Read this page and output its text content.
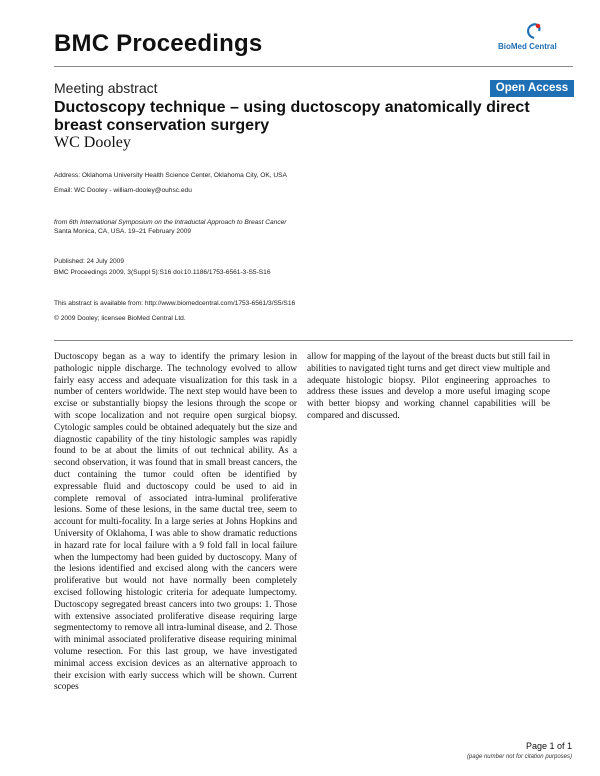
BMC Proceedings	BioMed Central
Meeting abstract	Open Access
Ductoscopy technique – using ductoscopy anatomically direct breast conservation surgery
WC Dooley
Address: Oklahoma University Health Science Center, Oklahoma City, OK, USA
Email: WC Dooley - william-dooley@ouhsc.edu
from 6th International Symposium on the Intraductal Approach to Breast Cancer
Santa Monica, CA, USA. 19–21 February 2009
Published: 24 July 2009
BMC Proceedings 2009, 3(Suppl 5):S16 doi:10.1186/1753-6561-3-S5-S16
This abstract is available from: http://www.biomedcentral.com/1753-6561/3/S5/S16
© 2009 Dooley; licensee BioMed Central Ltd.
Ductoscopy began as a way to identify the primary lesion in pathologic nipple discharge. The technology evolved to allow fairly easy access and adequate visualization for this task in a number of centers worldwide. The next step would have been to excise or substantially biopsy the lesions through the scope or with scope localization and not require open surgical biopsy. Cytologic samples could be obtained adequately but the size and diagnostic capability of the tiny histologic samples was rapidly found to be at about the limits of out technical ability. As a second observation, it was found that in small breast cancers, the duct containing the tumor could often be identified by expressable fluid and ductoscopy could be used to aid in complete removal of associated intra-luminal proliferative lesions. Some of these lesions, in the same ductal tree, seem to account for multi-focality. In a large series at Johns Hopkins and University of Oklahoma, I was able to show dramatic reductions in hazard rate for local failure with a 9 fold fall in local failure when the lumpectomy had been guided by ductoscopy. Many of the lesions identified and excised along with the cancers were proliferative but would not have normally been completely excised following histologic criteria for adequate lumpectomy. Ductoscopy segregated breast cancers into two groups: 1. Those with extensive associated proliferative disease requiring large segmentectomy to remove all intra-luminal disease, and 2. Those with minimal associated proliferative disease requiring minimal volume resection. For this last group, we have investigated minimal access excision devices as an alternative approach to their excision with early success which will be shown. Current scopes
allow for mapping of the layout of the breast ducts but still fail in abilities to navigated tight turns and get direct view multiple and adequate histologic biopsy. Pilot engineering approaches to address these issues and develop a more useful imaging scope with better biopsy and working channel capabilities will be compared and discussed.
Page 1 of 1
(page number not for citation purposes)
